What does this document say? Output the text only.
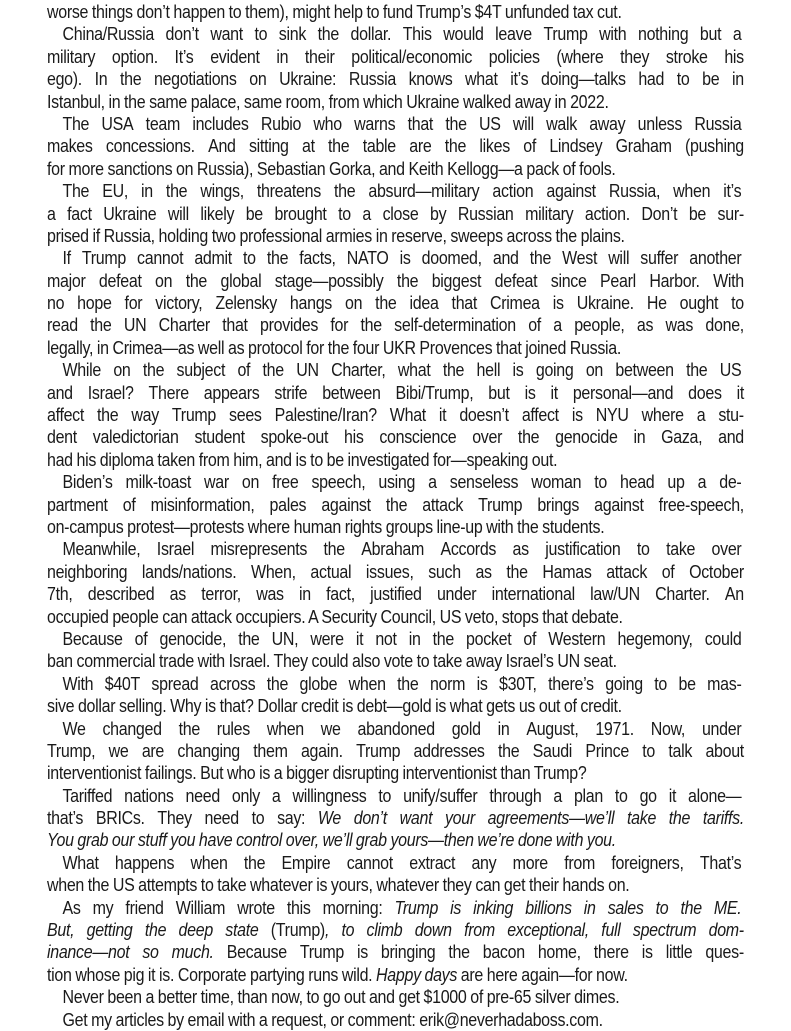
worse things don’t happen to them), might help to fund Trump’s $4T unfunded tax cut.
China/Russia don’t want to sink the dollar. This would leave Trump with nothing but a
military option. It’s evident in their political/economic policies (where they stroke his
ego). In the negotiations on Ukraine: Russia knows what it’s doing—talks had to be in
Istanbul, in the same palace, same room, from which Ukraine walked away in 2022.
The USA team includes Rubio who warns that the US will walk away unless Russia
makes concessions. And sitting at the table are the likes of Lindsey Graham (pushing
for more sanctions on Russia), Sebastian Gorka, and Keith Kellogg—a pack of fools.
The EU, in the wings, threatens the absurd—military action against Russia, when it’s
a fact Ukraine will likely be brought to a close by Russian military action. Don’t be sur-
prised if Russia, holding two professional armies in reserve, sweeps across the plains.
If Trump cannot admit to the facts, NATO is doomed, and the West will suffer another
major defeat on the global stage—possibly the biggest defeat since Pearl Harbor. With
no hope for victory, Zelensky hangs on the idea that Crimea is Ukraine. He ought to
read the UN Charter that provides for the self-determination of a people, as was done,
legally, in Crimea—as well as protocol for the four UKR Provences that joined Russia.
While on the subject of the UN Charter, what the hell is going on between the US
and Israel? There appears strife between Bibi/Trump, but is it personal—and does it
affect the way Trump sees Palestine/Iran? What it doesn’t affect is NYU where a stu-
dent valedictorian student spoke-out his conscience over the genocide in Gaza, and
had his diploma taken from him, and is to be investigated for—speaking out.
Biden’s milk-toast war on free speech, using a senseless woman to head up a de-
partment of misinformation, pales against the attack Trump brings against free-speech,
on-campus protest—protests where human rights groups line-up with the students.
Meanwhile, Israel misrepresents the Abraham Accords as justification to take over
neighboring lands/nations. When, actual issues, such as the Hamas attack of October
7th, described as terror, was in fact, justified under international law/UN Charter. An
occupied people can attack occupiers. A Security Council, US veto, stops that debate.
Because of genocide, the UN, were it not in the pocket of Western hegemony, could
ban commercial trade with Israel. They could also vote to take away Israel’s UN seat.
With $40T spread across the globe when the norm is $30T, there’s going to be mas-
sive dollar selling. Why is that? Dollar credit is debt—gold is what gets us out of credit.
We changed the rules when we abandoned gold in August, 1971. Now, under
Trump, we are changing them again. Trump addresses the Saudi Prince to talk about
interventionist failings. But who is a bigger disrupting interventionist than Trump?
Tariffed nations need only a willingness to unify/suffer through a plan to go it alone—
that’s BRICs. They need to say: We don’t want your agreements—we’ll take the tariffs.
You grab our stuff you have control over, we’ll grab yours—then we’re done with you.
What happens when the Empire cannot extract any more from foreigners, That’s
when the US attempts to take whatever is yours, whatever they can get their hands on.
As my friend William wrote this morning: Trump is inking billions in sales to the ME.
But, getting the deep state (Trump), to climb down from exceptional, full spectrum dom-
inance—not so much. Because Trump is bringing the bacon home, there is little ques-
tion whose pig it is. Corporate partying runs wild. Happy days are here again—for now.
Never been a better time, than now, to go out and get $1000 of pre-65 silver dimes.
Get my articles by email with a request, or comment: erik@neverhadaboss.com.
